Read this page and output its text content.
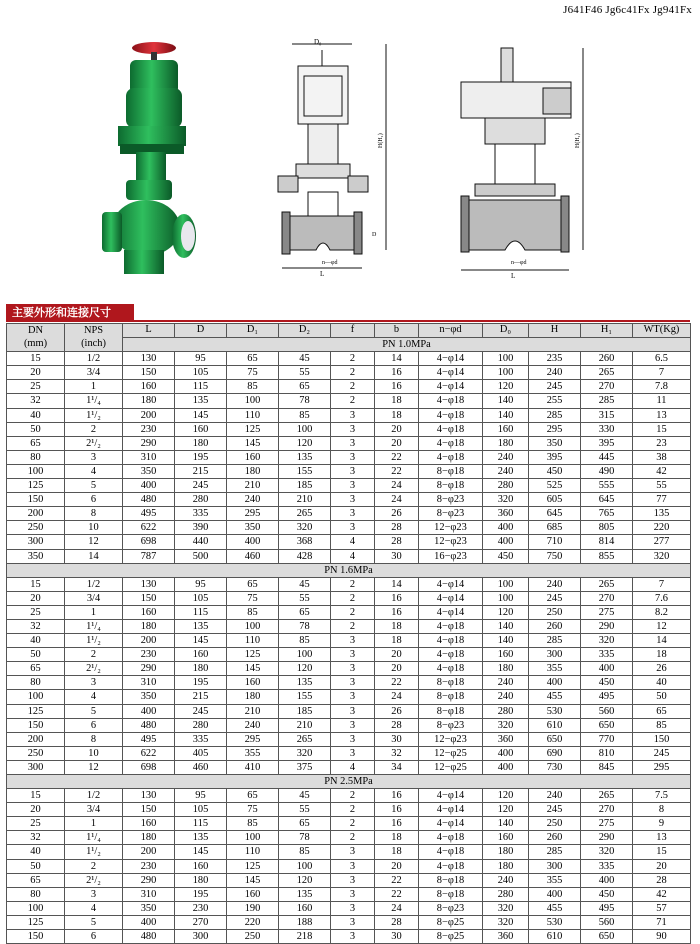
J641F46 Jg6c41Fx Jg941Fx
D₀
L
n—φd
H(H₁)
D
L
n—φd
H(H₁)
主要外形和连接尺寸
DN
(mm)	NPS
(inch)	L	D	D₁	D₂	f	b	n−φd	D₀	H	H₁	WT(Kg)
		PN 1.0MPa										
15	1/2	130	95	65	45	2	14	4−φ14	100	235	260	6.5
20	3/4	150	105	75	55	2	16	4−φ14	100	240	265	7
25	1	160	115	85	65	2	16	4−φ14	120	245	270	7.8
32	1¹/₄	180	135	100	78	2	18	4−φ18	140	255	285	11
40	1¹/₂	200	145	110	85	3	18	4−φ18	140	285	315	13
50	2	230	160	125	100	3	20	4−φ18	160	295	330	15
65	2¹/₂	290	180	145	120	3	20	4−φ18	180	350	395	23
80	3	310	195	160	135	3	22	4−φ18	240	395	445	38
100	4	350	215	180	155	3	22	8−φ18	240	450	490	42
125	5	400	245	210	185	3	24	8−φ18	280	525	555	55
150	6	480	280	240	210	3	24	8−φ23	320	605	645	77
200	8	495	335	295	265	3	26	8−φ23	360	645	765	135
250	10	622	390	350	320	3	28	12−φ23	400	685	805	220
300	12	698	440	400	368	4	28	12−φ23	400	710	814	277
350	14	787	500	460	428	4	30	16−φ23	450	750	855	320
PN 1.6MPa												
15	1/2	130	95	65	45	2	14	4−φ14	100	240	265	7
20	3/4	150	105	75	55	2	16	4−φ14	100	245	270	7.6
25	1	160	115	85	65	2	16	4−φ14	120	250	275	8.2
32	1¹/₄	180	135	100	78	2	18	4−φ18	140	260	290	12
40	1¹/₂	200	145	110	85	3	18	4−φ18	140	285	320	14
50	2	230	160	125	100	3	20	4−φ18	160	300	335	18
65	2¹/₂	290	180	145	120	3	20	4−φ18	180	355	400	26
80	3	310	195	160	135	3	22	8−φ18	240	400	450	40
100	4	350	215	180	155	3	24	8−φ18	240	455	495	50
125	5	400	245	210	185	3	26	8−φ18	280	530	560	65
150	6	480	280	240	210	3	28	8−φ23	320	610	650	85
200	8	495	335	295	265	3	30	12−φ23	360	650	770	150
250	10	622	405	355	320	3	32	12−φ25	400	690	810	245
300	12	698	460	410	375	4	34	12−φ25	400	730	845	295
PN 2.5MPa												
15	1/2	130	95	65	45	2	16	4−φ14	120	240	265	7.5
20	3/4	150	105	75	55	2	16	4−φ14	120	245	270	8
25	1	160	115	85	65	2	16	4−φ14	140	250	275	9
32	1¹/₄	180	135	100	78	2	18	4−φ18	160	260	290	13
40	1¹/₂	200	145	110	85	3	18	4−φ18	180	285	320	15
50	2	230	160	125	100	3	20	4−φ18	180	300	335	20
65	2¹/₂	290	180	145	120	3	22	8−φ18	240	355	400	28
80	3	310	195	160	135	3	22	8−φ18	280	400	450	42
100	4	350	230	190	160	3	24	8−φ23	320	455	495	57
125	5	400	270	220	188	3	28	8−φ25	320	530	560	71
150	6	480	300	250	218	3	30	8−φ25	360	610	650	90
